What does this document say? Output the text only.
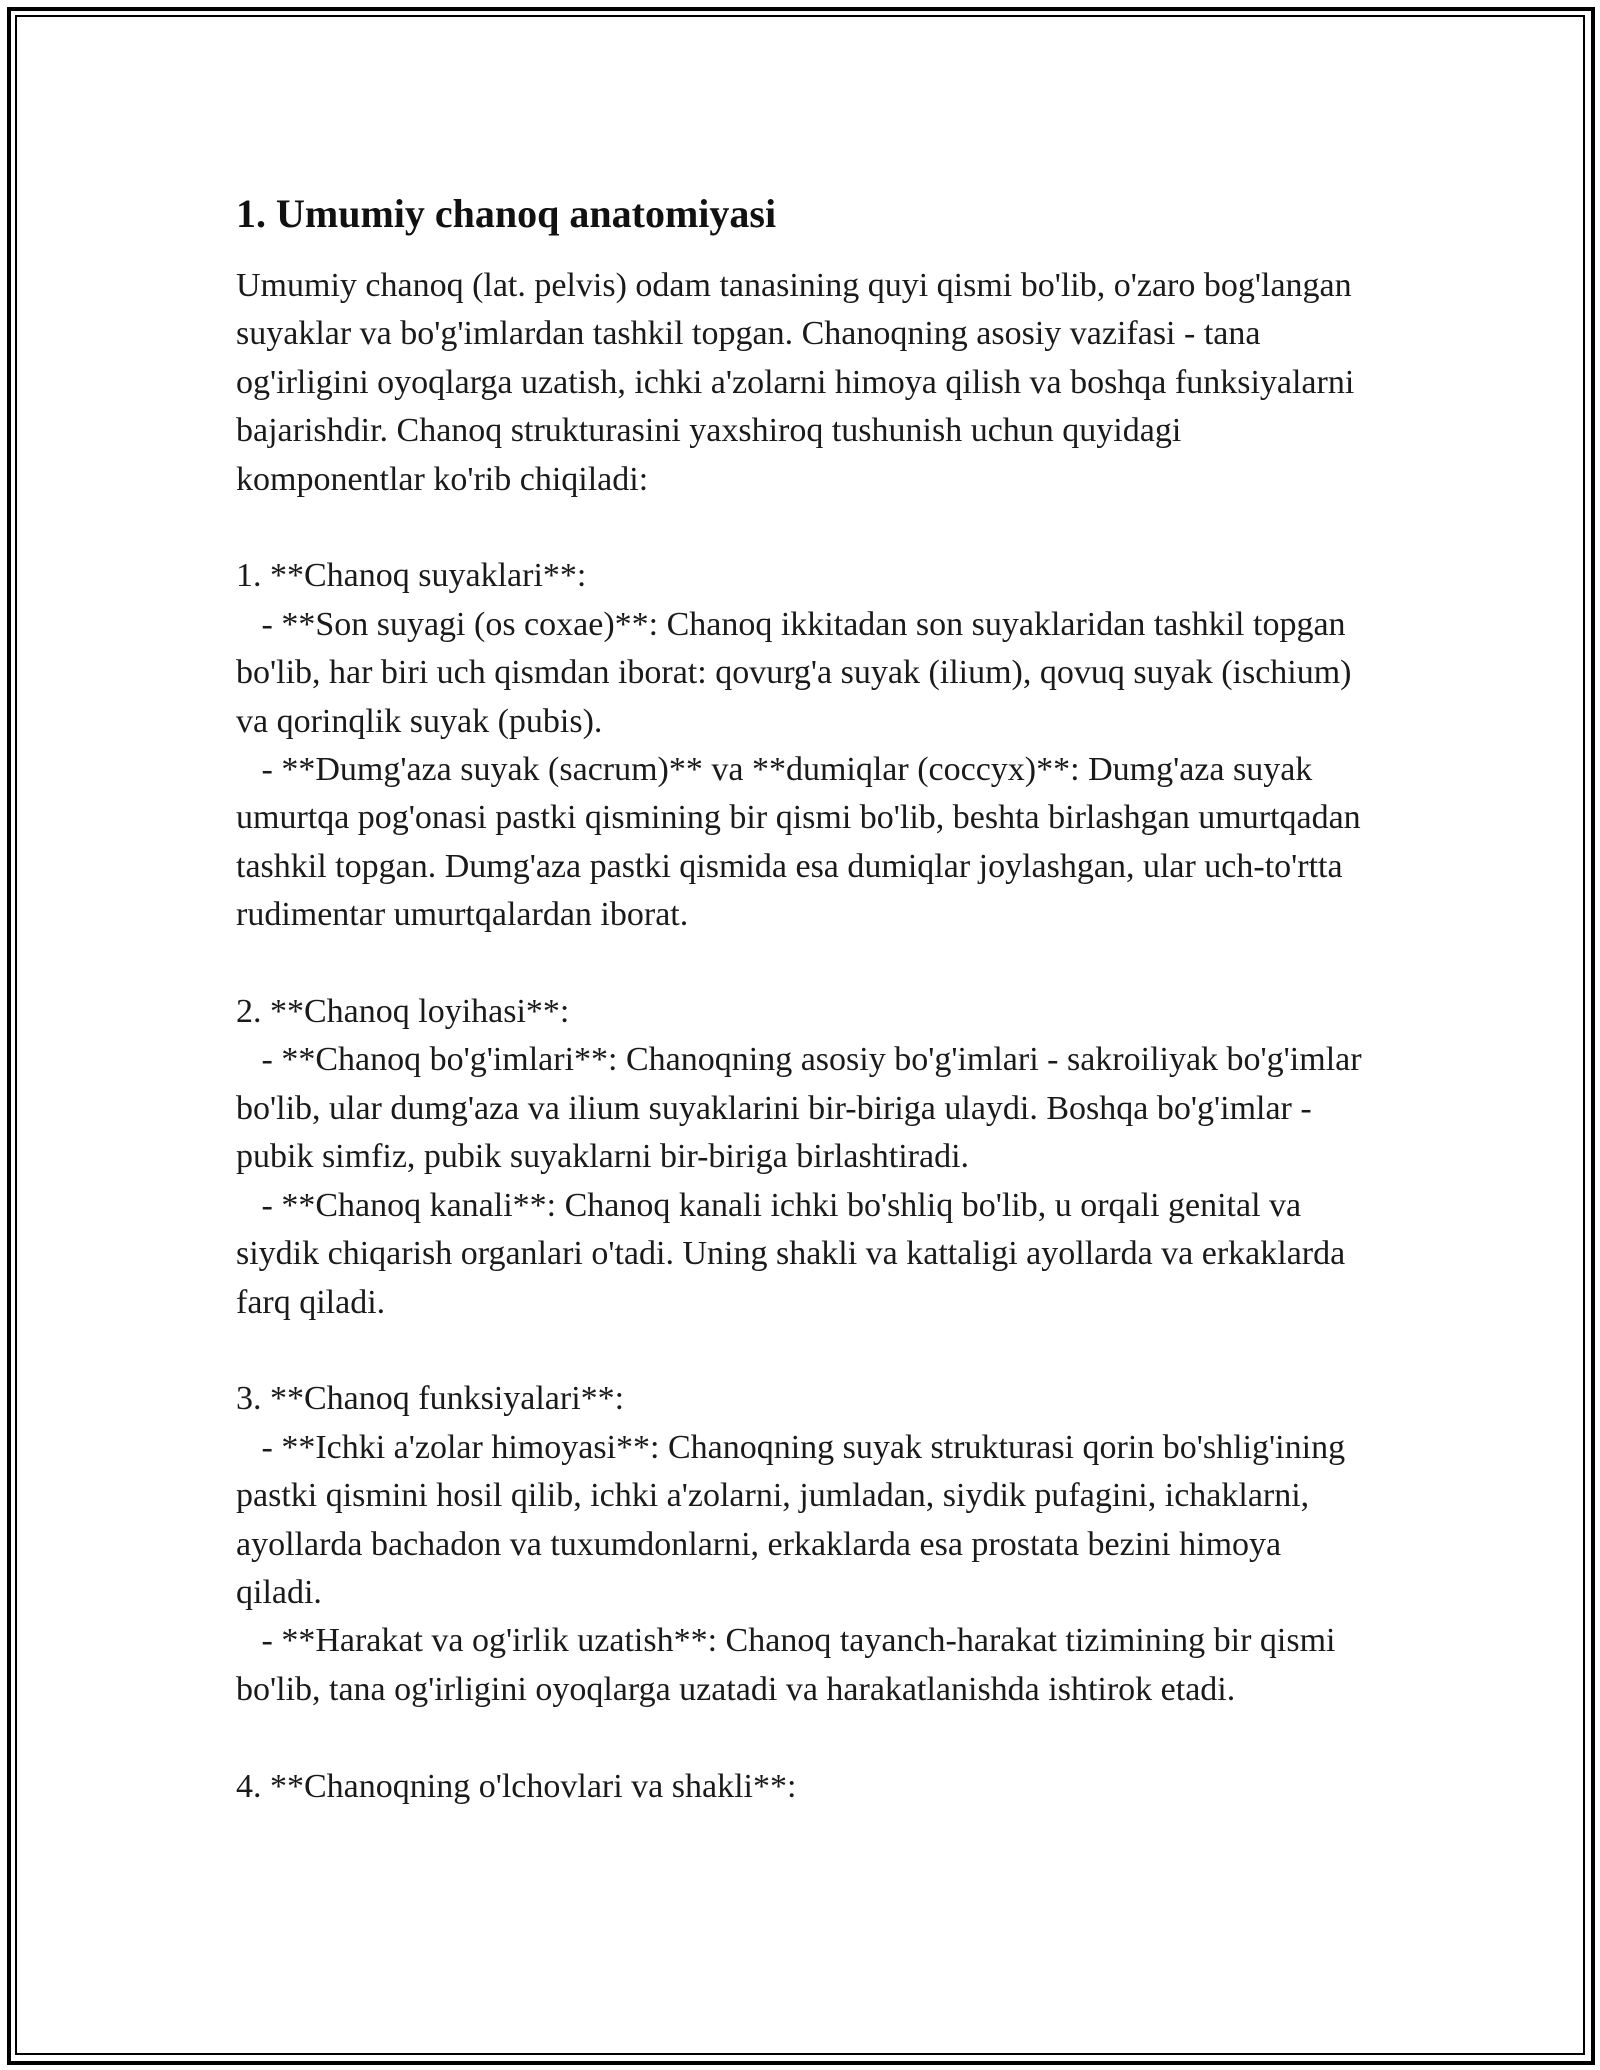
1. Umumiy chanoq anatomiyasi

Umumiy chanoq (lat. pelvis) odam tanasining quyi qismi bo'lib, o'zaro bog'langan suyaklar va bo'g'imlardan tashkil topgan. Chanoqning asosiy vazifasi - tana og'irligini oyoqlarga uzatish, ichki a'zolarni himoya qilish va boshqa funksiyalarni bajarishdir. Chanoq strukturasini yaxshiroq tushunish uchun quyidagi komponentlar ko'rib chiqiladi:

1. **Chanoq suyaklari**:

- **Son suyagi (os coxae)**: Chanoq ikkitadan son suyaklaridan tashkil topgan bo'lib, har biri uch qismdan iborat: qovurg'a suyak (ilium), qovuq suyak (ischium) va qorinqlik suyak (pubis).

- **Dumg'aza suyak (sacrum)** va **dumiqlar (coccyx)**: Dumg'aza suyak umurtqa pog'onasi pastki qismining bir qismi bo'lib, beshta birlashgan umurtqadan tashkil topgan. Dumg'aza pastki qismida esa dumiqlar joylashgan, ular uch-to'rtta rudimentar umurtqalardan iborat.

2. **Chanoq loyihasi**:

- **Chanoq bo'g'imlari**: Chanoqning asosiy bo'g'imlari - sakroiliyak bo'g'imlar bo'lib, ular dumg'aza va ilium suyaklarini bir-biriga ulaydi. Boshqa bo'g'imlar - pubik simfiz, pubik suyaklarni bir-biriga birlashtiradi.

- **Chanoq kanali**: Chanoq kanali ichki bo'shliq bo'lib, u orqali genital va siydik chiqarish organlari o'tadi. Uning shakli va kattaligi ayollarda va erkaklarda farq qiladi.

3. **Chanoq funksiyalari**:

- **Ichki a'zolar himoyasi**: Chanoqning suyak strukturasi qorin bo'shlig'ining pastki qismini hosil qilib, ichki a'zolarni, jumladan, siydik pufagini, ichaklarni, ayollarda bachadon va tuxumdonlarni, erkaklarda esa prostata bezini himoya qiladi.

- **Harakat va og'irlik uzatish**: Chanoq tayanch-harakat tizimining bir qismi bo'lib, tana og'irligini oyoqlarga uzatadi va harakatlanishda ishtirok etadi.

4. **Chanoqning o'lchovlari va shakli**:
